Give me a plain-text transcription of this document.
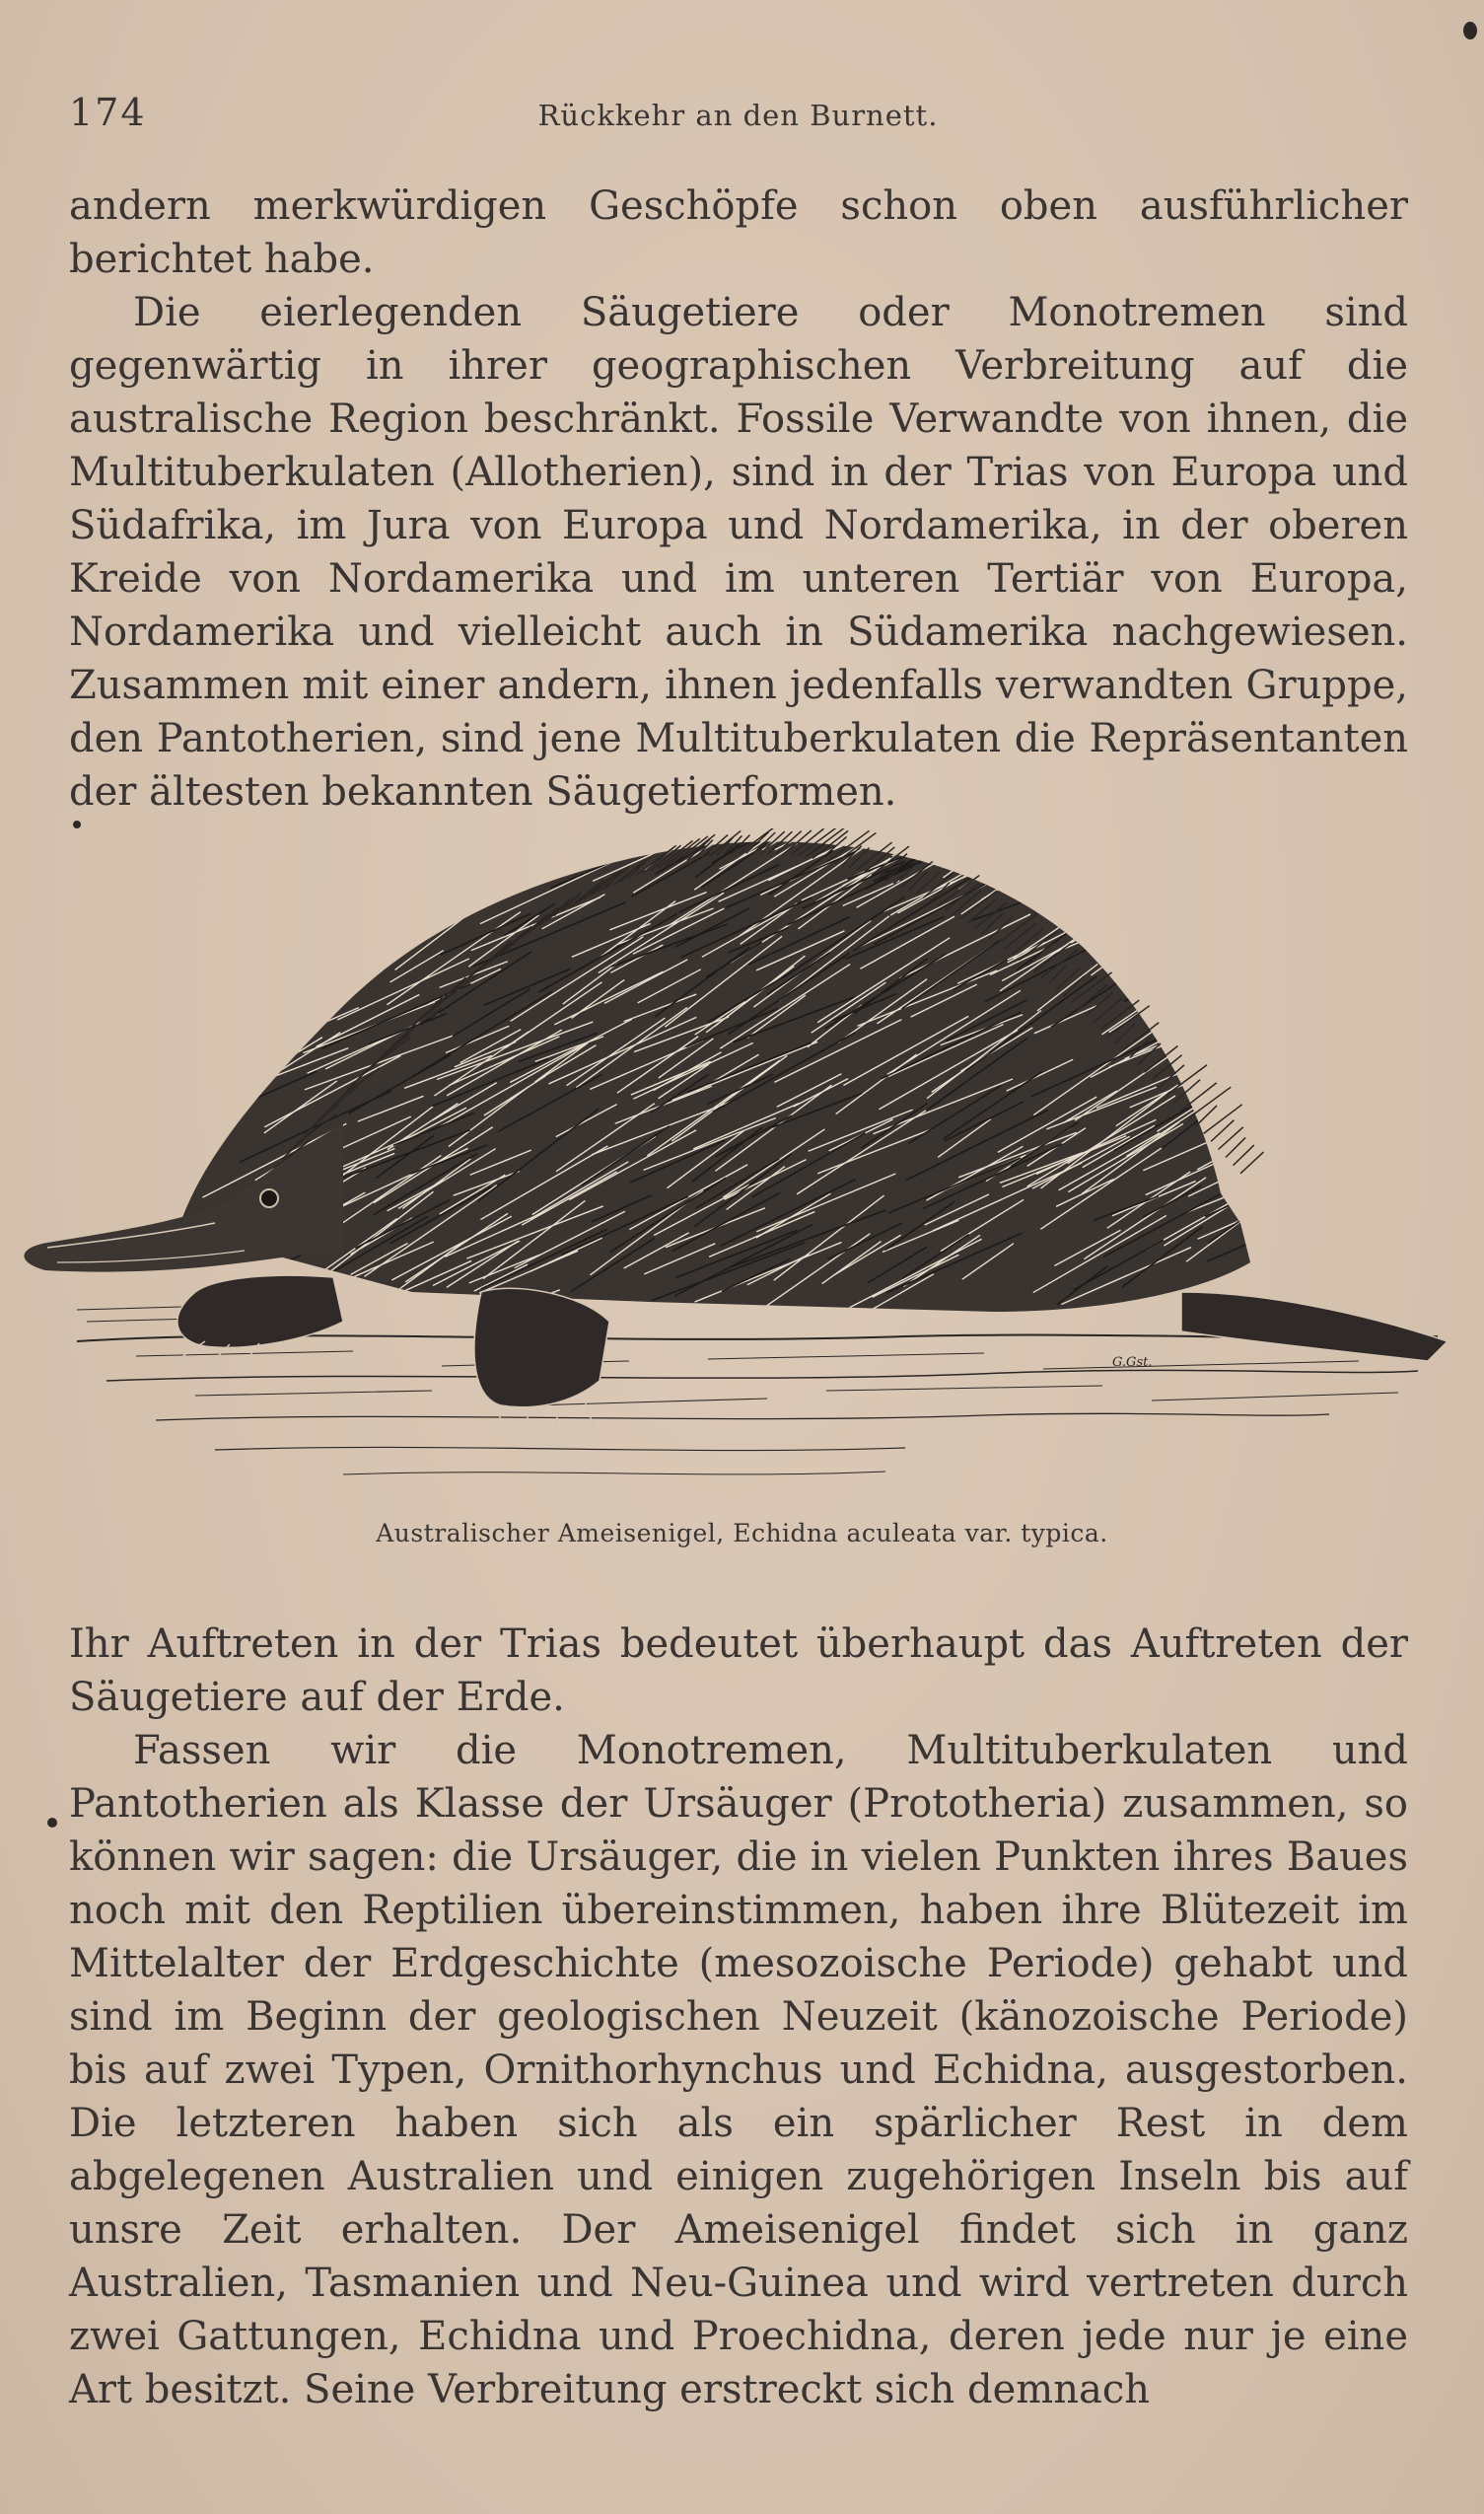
174	Rückkehr an den Burnett.

andern merkwürdigen Geschöpfe schon oben ausführlicher berichtet habe.

Die eierlegenden Säugetiere oder Monotremen sind gegenwärtig in ihrer geographischen Verbreitung auf die australische Region beschränkt. Fossile Verwandte von ihnen, die Multituberkulaten (Allotherien), sind in der Trias von Europa und Südafrika, im Jura von Europa und Nordamerika, in der oberen Kreide von Nordamerika und im unteren Tertiär von Europa, Nordamerika und vielleicht auch in Südamerika nachgewiesen. Zusammen mit einer andern, ihnen jedenfalls verwandten Gruppe, den Pantotherien, sind jene Multituberkulaten die Repräsentanten der ältesten bekannten Säugetierformen.

G.Gst.
Australischer Ameisenigel, Echidna aculeata var. typica.

Ihr Auftreten in der Trias bedeutet überhaupt das Auftreten der Säugetiere auf der Erde.

Fassen wir die Monotremen, Multituberkulaten und Pantotherien als Klasse der Ursäuger (Prototheria) zusammen, so können wir sagen: die Ursäuger, die in vielen Punkten ihres Baues noch mit den Reptilien übereinstimmen, haben ihre Blütezeit im Mittelalter der Erdgeschichte (mesozoische Periode) gehabt und sind im Beginn der geologischen Neuzeit (känozoische Periode) bis auf zwei Typen, Ornithorhynchus und Echidna, ausgestorben. Die letzteren haben sich als ein spärlicher Rest in dem abgelegenen Australien und einigen zugehörigen Inseln bis auf unsre Zeit erhalten. Der Ameisenigel findet sich in ganz Australien, Tasmanien und Neu-Guinea und wird vertreten durch zwei Gattungen, Echidna und Proechidna, deren jede nur je eine Art besitzt. Seine Verbreitung erstreckt sich demnach
